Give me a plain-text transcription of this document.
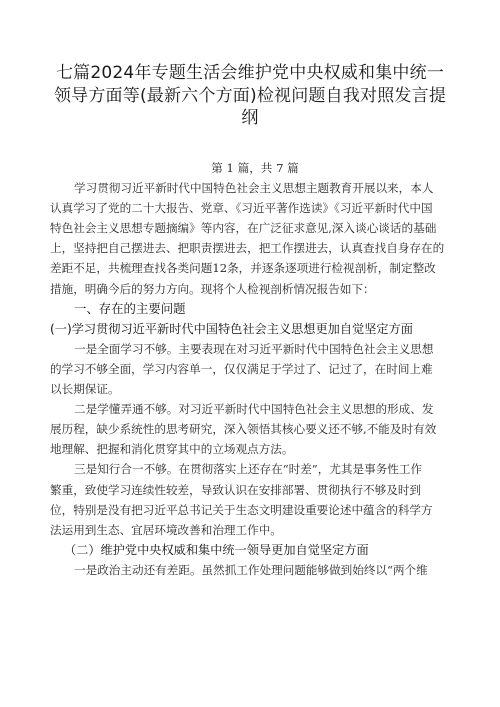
七篇2024年专题生活会维护党中央权威和集中统一
领导方面等(最新六个方面)检视问题自我对照发言提
纲
第 1 篇，共 7 篇
学习贯彻习近平新时代中国特色社会主义思想主题教育开展以来，本人
认真学习了党的二十大报告、党章、《习近平著作选读》《习近平新时代中国
特色社会主义思想专题摘编》等内容，在广泛征求意见,深入谈心谈话的基础
上，坚持把自己摆进去、把职责摆进去，把工作摆进去，认真查找自身存在的
差距不足，共梳理查找各类问题12条，并逐条逐项进行检视剖析，制定整改
措施，明确今后的努力方向。现将个人检视剖析情况报告如下：
一、存在的主要问题
(一)学习贯彻习近平新时代中国特色社会主义思想更加自觉坚定方面
一是全面学习不够。主要表现在对习近平新时代中国特色社会主义思想
的学习不够全面，学习内容单一，仅仅满足于学过了、记过了，在时间上难
以长期保证。
二是学懂弄通不够。对习近平新时代中国特色社会主义思想的形成、发
展历程，缺少系统性的思考研究，深入领悟其核心要义还不够,不能及时有效
地理解、把握和消化贯穿其中的立场观点方法。
三是知行合一不够。在贯彻落实上还存在“时差”，尤其是事务性工作
繁重，致使学习连续性较差，导致认识在安排部署、贯彻执行不够及时到
位，特别是没有把习近平总书记关于生态文明建设重要论述中蕴含的科学方
法运用到生态、宜居环境改善和治理工作中。
（二）维护党中央权威和集中统一领导更加自觉坚定方面
一是政治主动还有差距。虽然抓工作处理问题能够做到始终以“两个维
